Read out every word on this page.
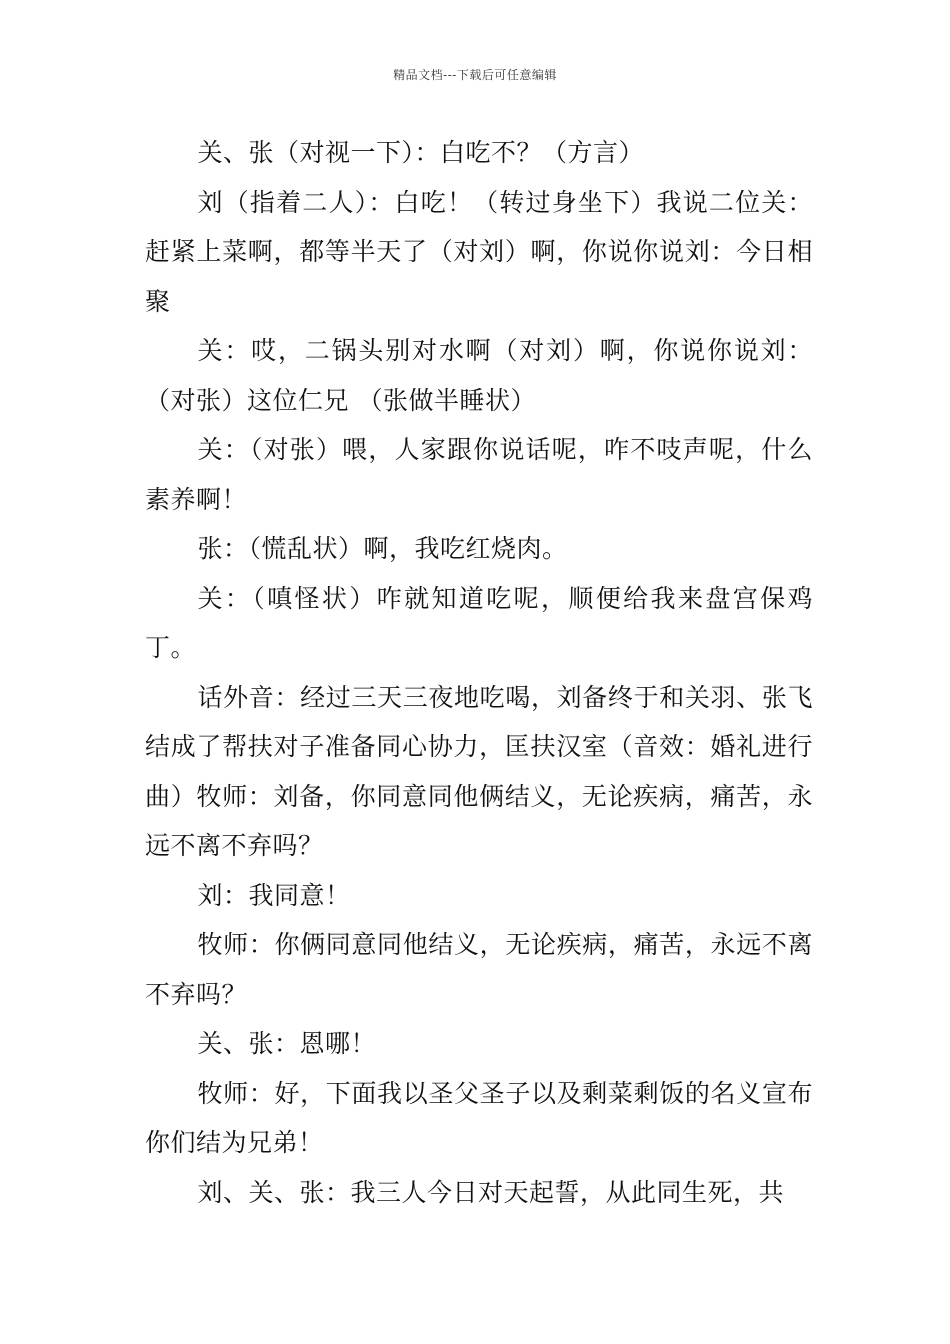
精品文档---下载后可任意编辑

关、张（对视一下）：白吃不？（方言）

刘（指着二人）：白吃！（转过身坐下）我说二位关：赶紧上菜啊，都等半天了（对刘）啊，你说你说刘：今日相聚

关：哎，二锅头别对水啊（对刘）啊，你说你说刘：（对张）这位仁兄 （张做半睡状）

关：（对张）喂，人家跟你说话呢，咋不吱声呢，什么素养啊！

张：（慌乱状）啊，我吃红烧肉。

关：（嗔怪状）咋就知道吃呢，顺便给我来盘宫保鸡丁。

话外音：经过三天三夜地吃喝，刘备终于和关羽、张飞结成了帮扶对子准备同心协力，匡扶汉室（音效：婚礼进行曲）牧师：刘备，你同意同他俩结义，无论疾病，痛苦，永远不离不弃吗？

刘：我同意！

牧师：你俩同意同他结义，无论疾病，痛苦，永远不离不弃吗？

关、张：恩哪！

牧师：好，下面我以圣父圣子以及剩菜剩饭的名义宣布你们结为兄弟！

刘、关、张：我三人今日对天起誓，从此同生死，共
